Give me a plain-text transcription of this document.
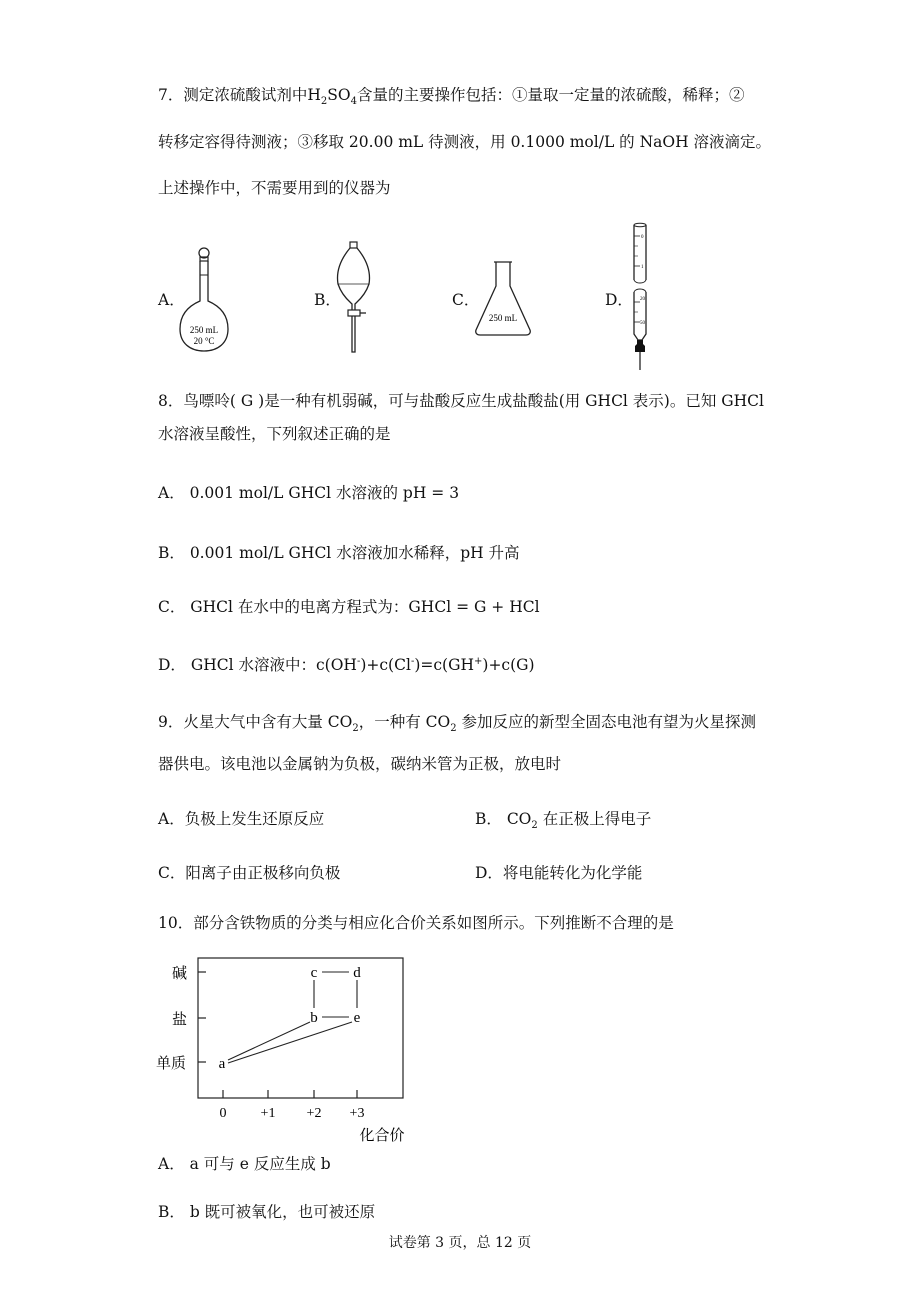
7．测定浓硫酸试剂中$H_2SO_4$含量的主要操作包括：①量取一定量的浓硫酸，稀释；②
转移定容得待测液；③移取 20.00 mL 待测液，用 0.1000 mol/L 的 NaOH 溶液滴定。
上述操作中，不需要用到的仪器为
A．	B．	C．	D．
250 mL
20 °C
250 mL
0
1
20
50
8．鸟嘌呤( G )是一种有机弱碱，可与盐酸反应生成盐酸盐(用 GHCl 表示)。已知 GHCl
水溶液呈酸性，下列叙述正确的是
A． 0.001 mol/L GHCl 水溶液的 pH = 3
B． 0.001 mol/L GHCl 水溶液加水稀释，pH 升高
C． GHCl 在水中的电离方程式为：GHCl = G + HCl
D． GHCl 水溶液中：c(OH-)+c(Cl-)=c(GH+)+c(G)
9．火星大气中含有大量 $CO_2$，一种有 $CO_2$ 参加反应的新型全固态电池有望为火星探测
器供电。该电池以金属钠为负极，碳纳米管为正极，放电时
A．负极上发生还原反应	B． $CO_2$ 在正极上得电子
C．阳离子由正极移向负极	D．将电能转化为化学能
10．部分含铁物质的分类与相应化合价关系如图所示。下列推断不合理的是
碱
盐
单质
0 +1 +2 +3
化合价
a
b
c d
e
A． a 可与 e 反应生成 b
B． b 既可被氧化，也可被还原
试卷第 3 页，总 12 页
